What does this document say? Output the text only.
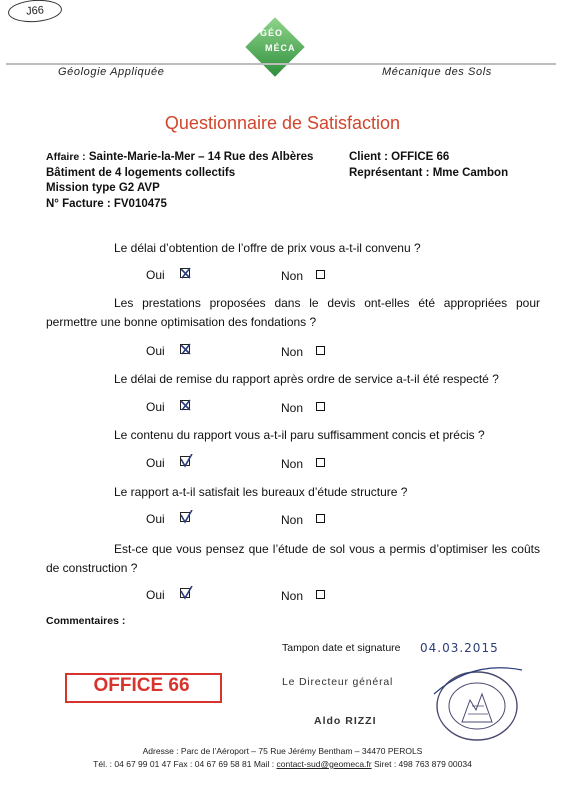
J66
GÉO
MÉCA
Géologie Appliquée	Mécanique des Sols
Questionnaire de Satisfaction
Affaire : Sainte-Marie-la-Mer – 14 Rue des Albères
Bâtiment de 4 logements collectifs
Mission type G2 AVP
N° Facture : FV010475
Client : OFFICE 66
Représentant : Mme Cambon
Le délai d’obtention de l’offre de prix vous a-t-il convenu ?
Oui	Non
Les prestations proposées dans le devis ont-elles été appropriées pour
permettre une bonne optimisation des fondations ?
Oui	Non
Le délai de remise du rapport après ordre de service a-t-il été respecté ?
Oui	Non
Le contenu du rapport vous a-t-il paru suffisamment concis et précis ?
Oui	Non
Le rapport a-t-il satisfait les bureaux d’étude structure ?
Oui	Non
Est-ce que vous pensez que l’étude de sol vous a permis d’optimiser les coûts
de construction ?
Oui	Non
Commentaires :
Tampon date et signature 04.03.2015
Le Directeur général
OFFICE 66
Aldo RIZZI
Adresse : Parc de l’Aéroport – 75 Rue Jérémy Bentham – 34470 PEROLS
Tél. : 04 67 99 01 47 Fax : 04 67 69 58 81 Mail : contact-sud@geomeca.fr Siret : 498 763 879 00034
